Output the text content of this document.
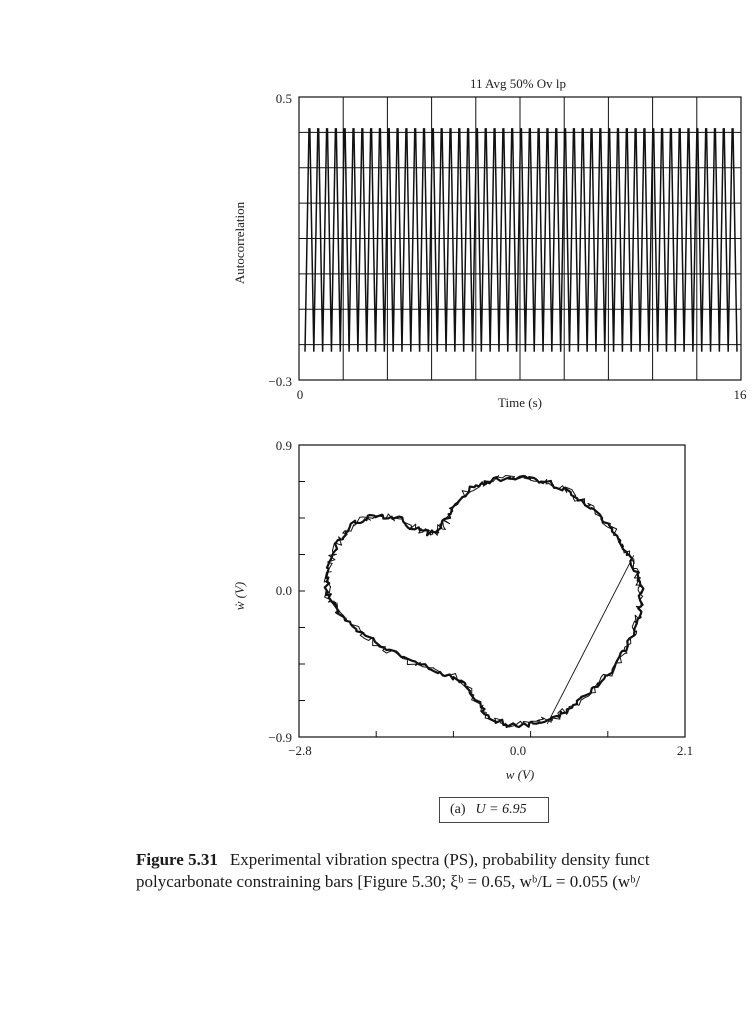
11 Avg 50% Ov lp
0.5
−0.3
0	16
Time (s)
Autocorrelation
0.9
0.0
−0.9
−2.8	0.0	2.1
w (V)
ẇ (V)
(a) U = 6.95
Figure 5.31 Experimental vibration spectra (PS), probability density funct
polycarbonate constraining bars [Figure 5.30; ξᵇ = 0.65, wᵇ/L = 0.055 (wᵇ/
